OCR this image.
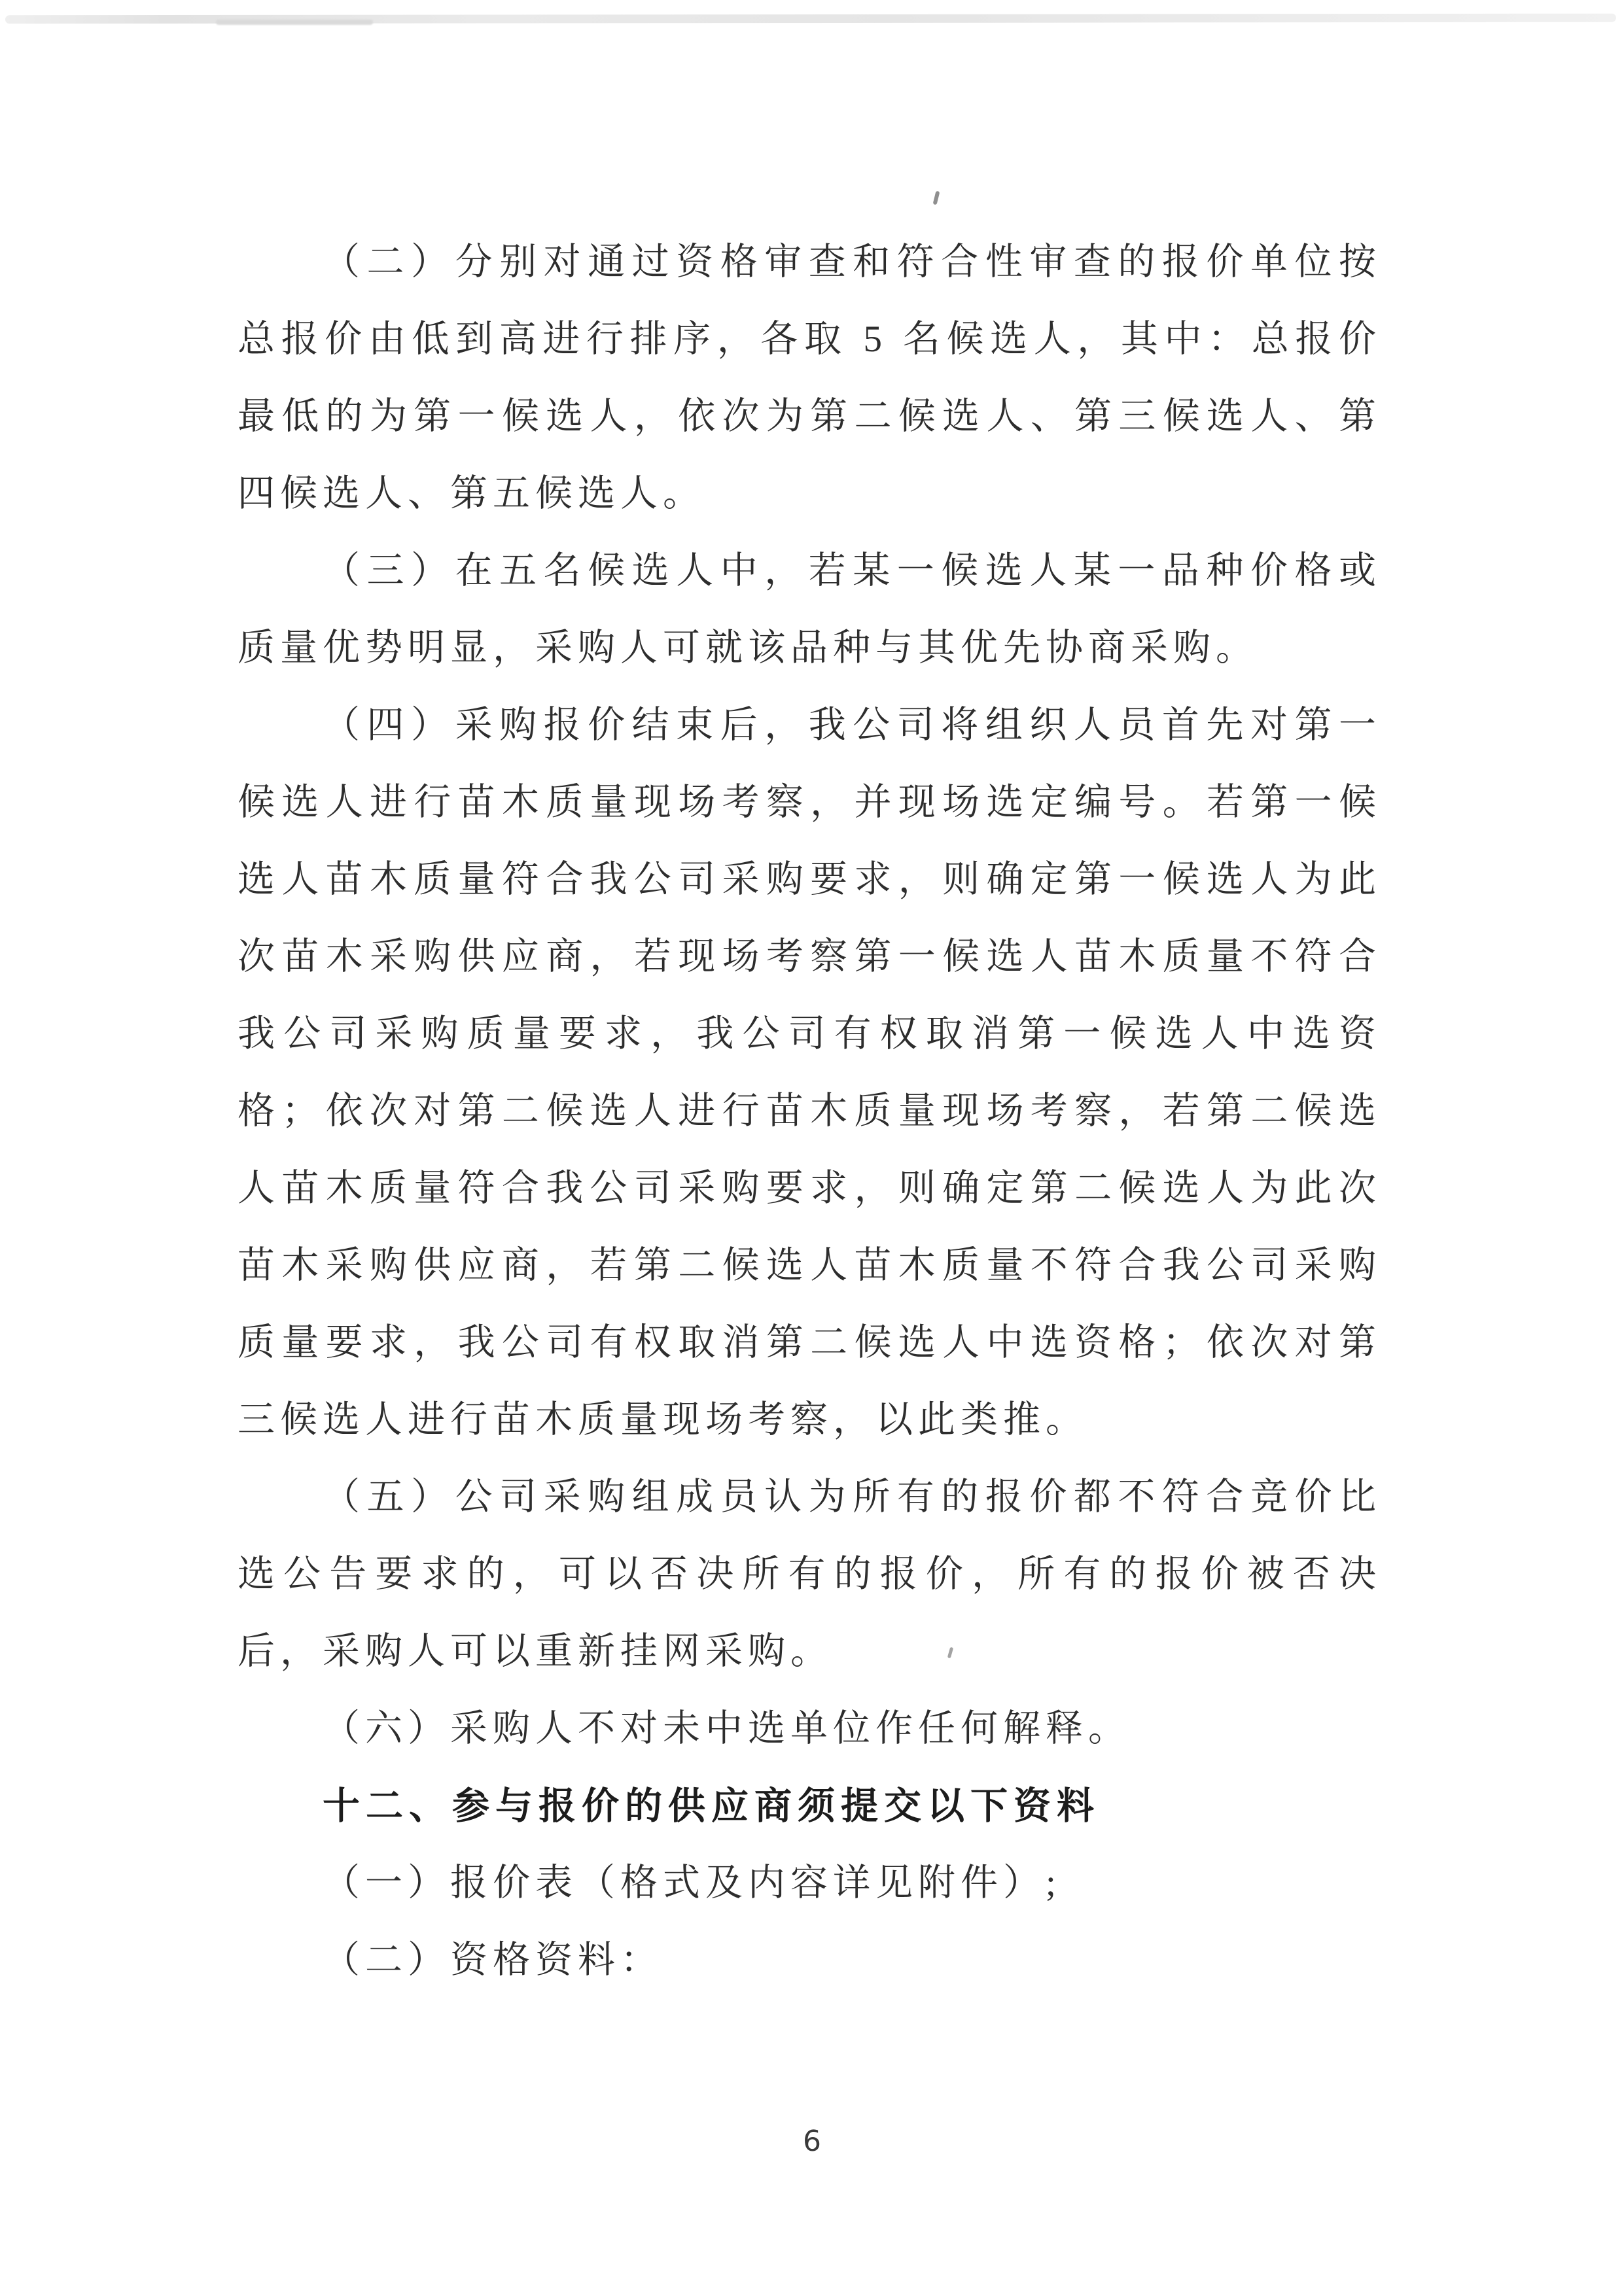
（二）分别对通过资格审查和符合性审查的报价单位按总报价由低到高进行排序，各取 5 名候选人，其中：总报价最低的为第一候选人，依次为第二候选人、第三候选人、第四候选人、第五候选人。

（三）在五名候选人中，若某一候选人某一品种价格或质量优势明显，采购人可就该品种与其优先协商采购。

（四）采购报价结束后，我公司将组织人员首先对第一候选人进行苗木质量现场考察，并现场选定编号。若第一候选人苗木质量符合我公司采购要求，则确定第一候选人为此次苗木采购供应商，若现场考察第一候选人苗木质量不符合我公司采购质量要求，我公司有权取消第一候选人中选资格；依次对第二候选人进行苗木质量现场考察，若第二候选人苗木质量符合我公司采购要求，则确定第二候选人为此次苗木采购供应商，若第二候选人苗木质量不符合我公司采购质量要求，我公司有权取消第二候选人中选资格；依次对第三候选人进行苗木质量现场考察，以此类推。

（五）公司采购组成员认为所有的报价都不符合竞价比选公告要求的，可以否决所有的报价，所有的报价被否决后，采购人可以重新挂网采购。

（六）采购人不对未中选单位作任何解释。

十二、参与报价的供应商须提交以下资料

（一）报价表（格式及内容详见附件）;

（二）资格资料：

6
